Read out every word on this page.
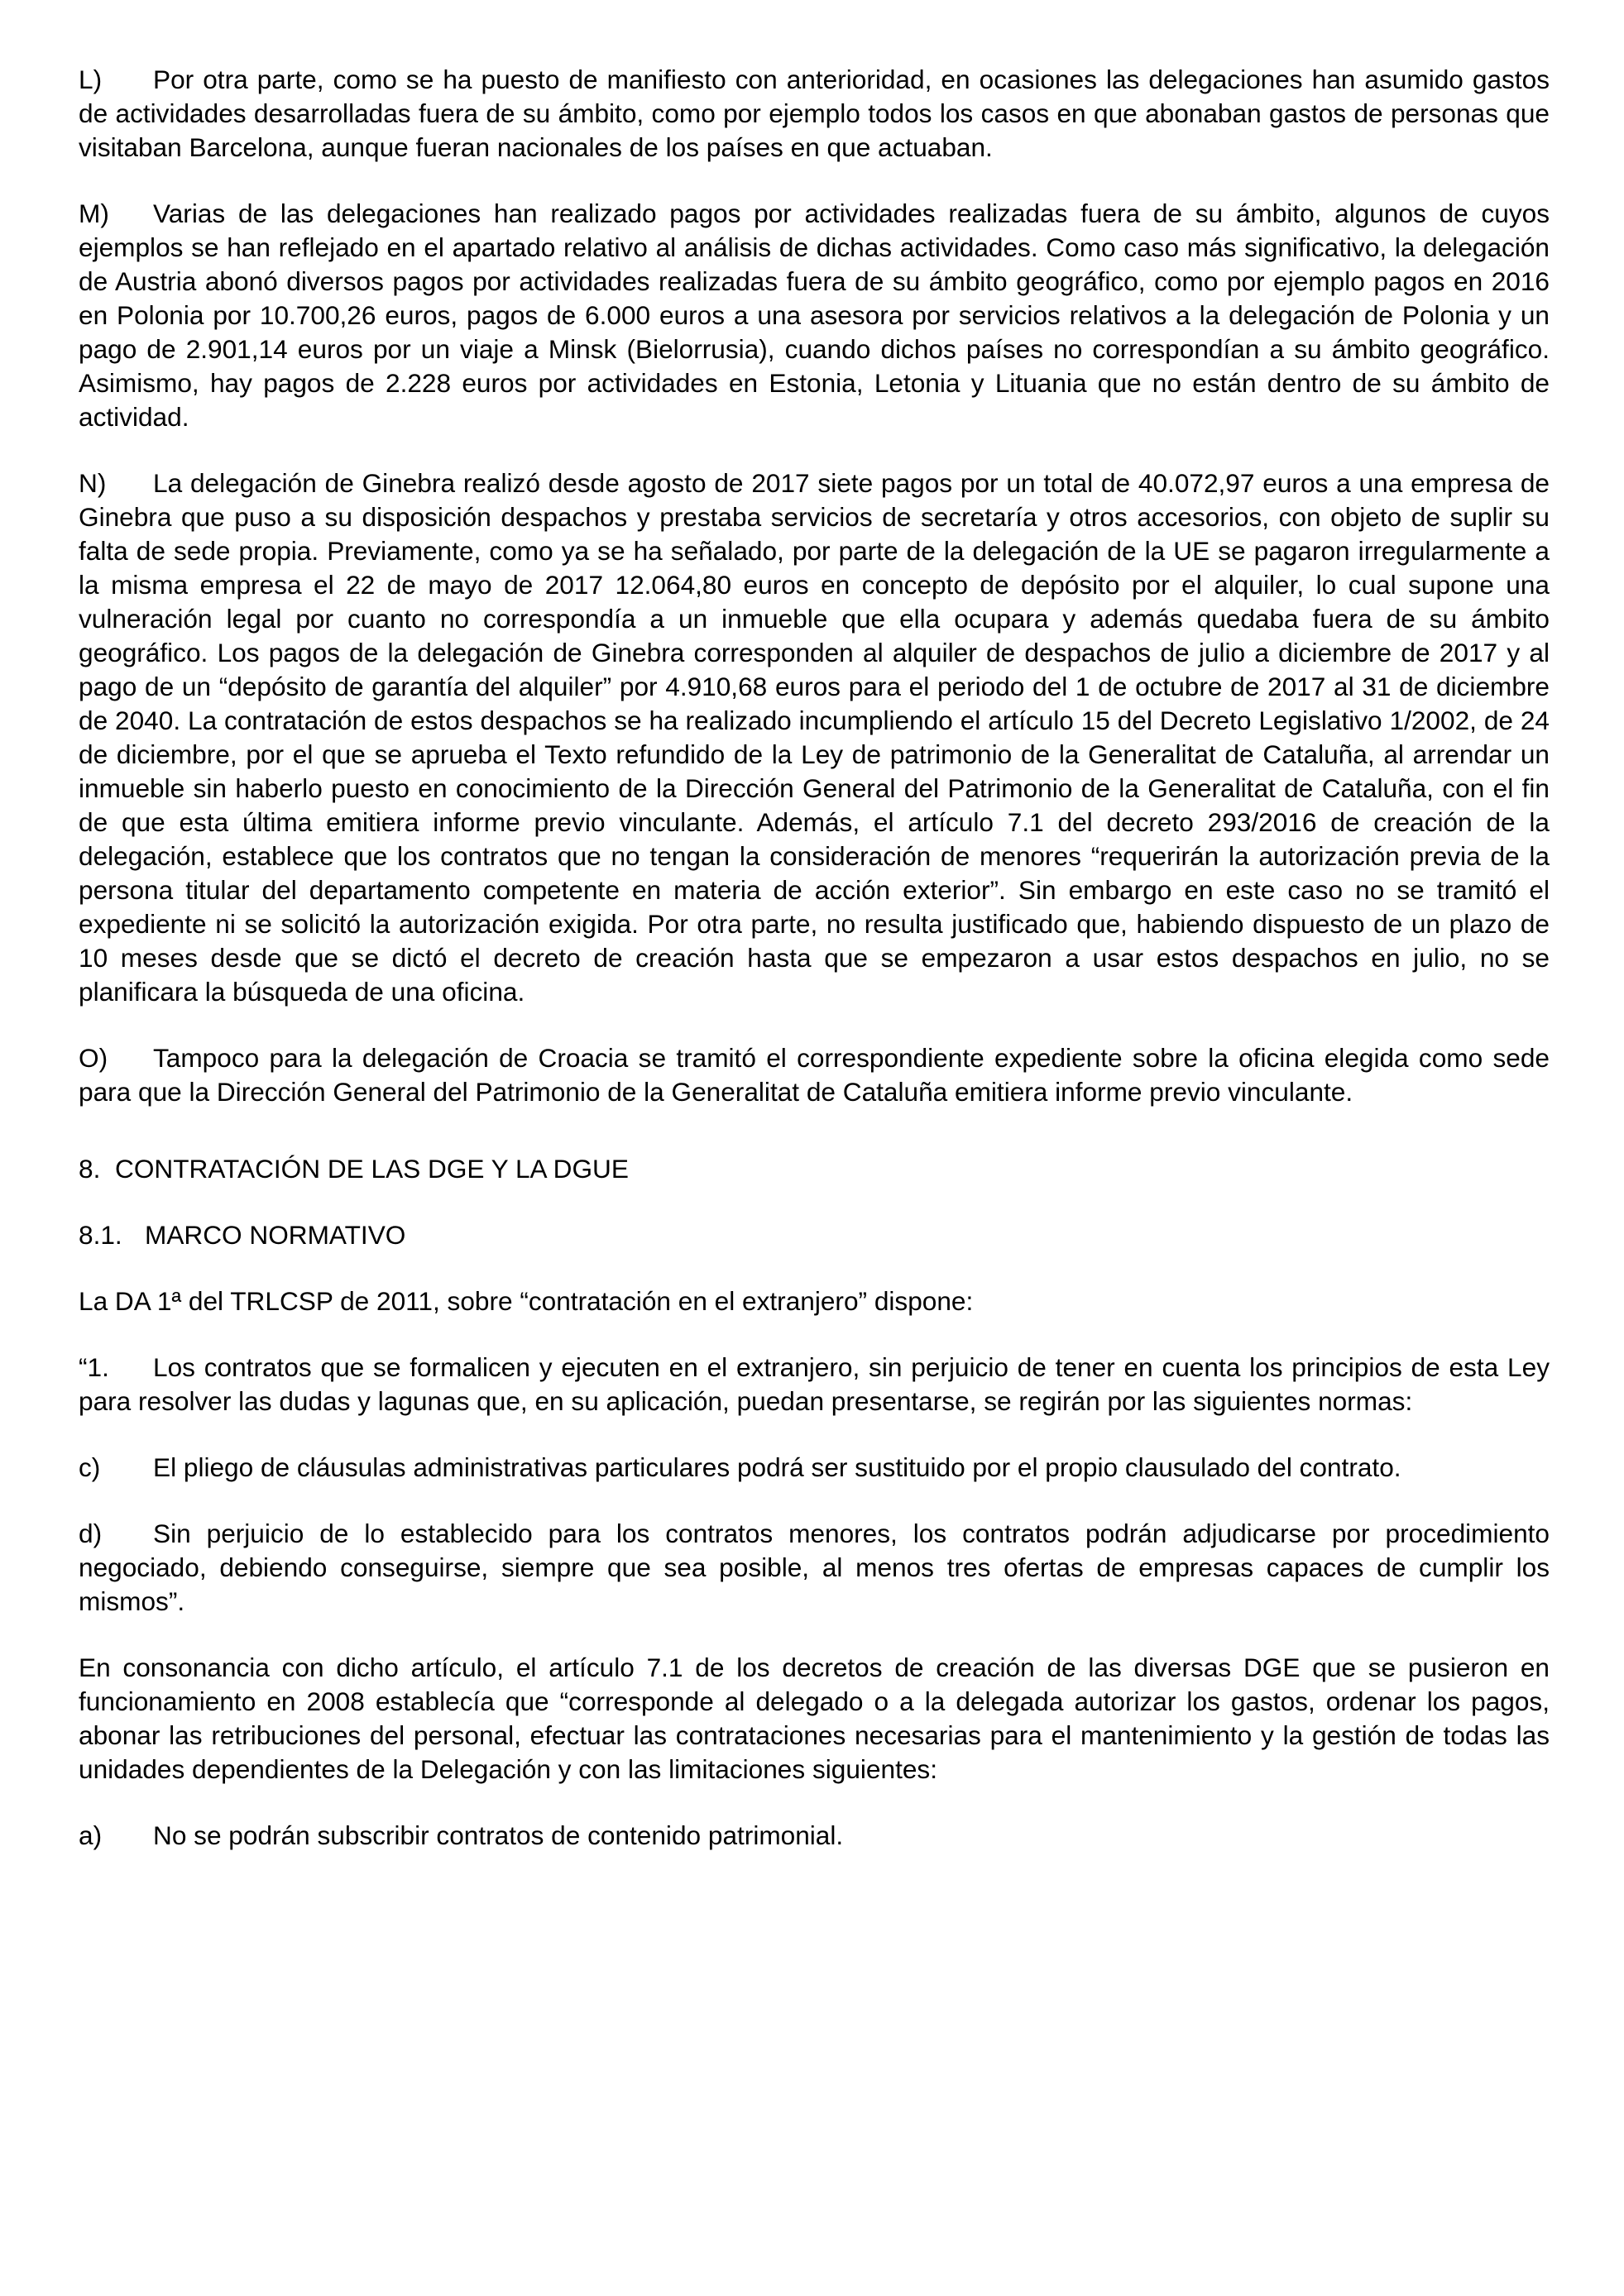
L) Por otra parte, como se ha puesto de manifiesto con anterioridad, en ocasiones las delegaciones han asumido gastos de actividades desarrolladas fuera de su ámbito, como por ejemplo todos los casos en que abonaban gastos de personas que visitaban Barcelona, aunque fueran nacionales de los países en que actuaban.

M) Varias de las delegaciones han realizado pagos por actividades realizadas fuera de su ámbito, algunos de cuyos ejemplos se han reflejado en el apartado relativo al análisis de dichas actividades. Como caso más significativo, la delegación de Austria abonó diversos pagos por actividades realizadas fuera de su ámbito geográfico, como por ejemplo pagos en 2016 en Polonia por 10.700,26 euros, pagos de 6.000 euros a una asesora por servicios relativos a la delegación de Polonia y un pago de 2.901,14 euros por un viaje a Minsk (Bielorrusia), cuando dichos países no correspondían a su ámbito geográfico. Asimismo, hay pagos de 2.228 euros por actividades en Estonia, Letonia y Lituania que no están dentro de su ámbito de actividad.

N) La delegación de Ginebra realizó desde agosto de 2017 siete pagos por un total de 40.072,97 euros a una empresa de Ginebra que puso a su disposición despachos y prestaba servicios de secretaría y otros accesorios, con objeto de suplir su falta de sede propia. Previamente, como ya se ha señalado, por parte de la delegación de la UE se pagaron irregularmente a la misma empresa el 22 de mayo de 2017 12.064,80 euros en concepto de depósito por el alquiler, lo cual supone una vulneración legal por cuanto no correspondía a un inmueble que ella ocupara y además quedaba fuera de su ámbito geográfico. Los pagos de la delegación de Ginebra corresponden al alquiler de despachos de julio a diciembre de 2017 y al pago de un “depósito de garantía del alquiler” por 4.910,68 euros para el periodo del 1 de octubre de 2017 al 31 de diciembre de 2040. La contratación de estos despachos se ha realizado incumpliendo el artículo 15 del Decreto Legislativo 1/2002, de 24 de diciembre, por el que se aprueba el Texto refundido de la Ley de patrimonio de la Generalitat de Cataluña, al arrendar un inmueble sin haberlo puesto en conocimiento de la Dirección General del Patrimonio de la Generalitat de Cataluña, con el fin de que esta última emitiera informe previo vinculante. Además, el artículo 7.1 del decreto 293/2016 de creación de la delegación, establece que los contratos que no tengan la consideración de menores “requerirán la autorización previa de la persona titular del departamento competente en materia de acción exterior”. Sin embargo en este caso no se tramitó el expediente ni se solicitó la autorización exigida. Por otra parte, no resulta justificado que, habiendo dispuesto de un plazo de 10 meses desde que se dictó el decreto de creación hasta que se empezaron a usar estos despachos en julio, no se planificara la búsqueda de una oficina.

O) Tampoco para la delegación de Croacia se tramitó el correspondiente expediente sobre la oficina elegida como sede para que la Dirección General del Patrimonio de la Generalitat de Cataluña emitiera informe previo vinculante.

8. CONTRATACIÓN DE LAS DGE Y LA DGUE

8.1. MARCO NORMATIVO

La DA 1ª del TRLCSP de 2011, sobre “contratación en el extranjero” dispone:

“1. Los contratos que se formalicen y ejecuten en el extranjero, sin perjuicio de tener en cuenta los principios de esta Ley para resolver las dudas y lagunas que, en su aplicación, puedan presentarse, se regirán por las siguientes normas:

c) El pliego de cláusulas administrativas particulares podrá ser sustituido por el propio clausulado del contrato.

d) Sin perjuicio de lo establecido para los contratos menores, los contratos podrán adjudicarse por procedimiento negociado, debiendo conseguirse, siempre que sea posible, al menos tres ofertas de empresas capaces de cumplir los mismos”.

En consonancia con dicho artículo, el artículo 7.1 de los decretos de creación de las diversas DGE que se pusieron en funcionamiento en 2008 establecía que “corresponde al delegado o a la delegada autorizar los gastos, ordenar los pagos, abonar las retribuciones del personal, efectuar las contrataciones necesarias para el mantenimiento y la gestión de todas las unidades dependientes de la Delegación y con las limitaciones siguientes:

a) No se podrán subscribir contratos de contenido patrimonial.
